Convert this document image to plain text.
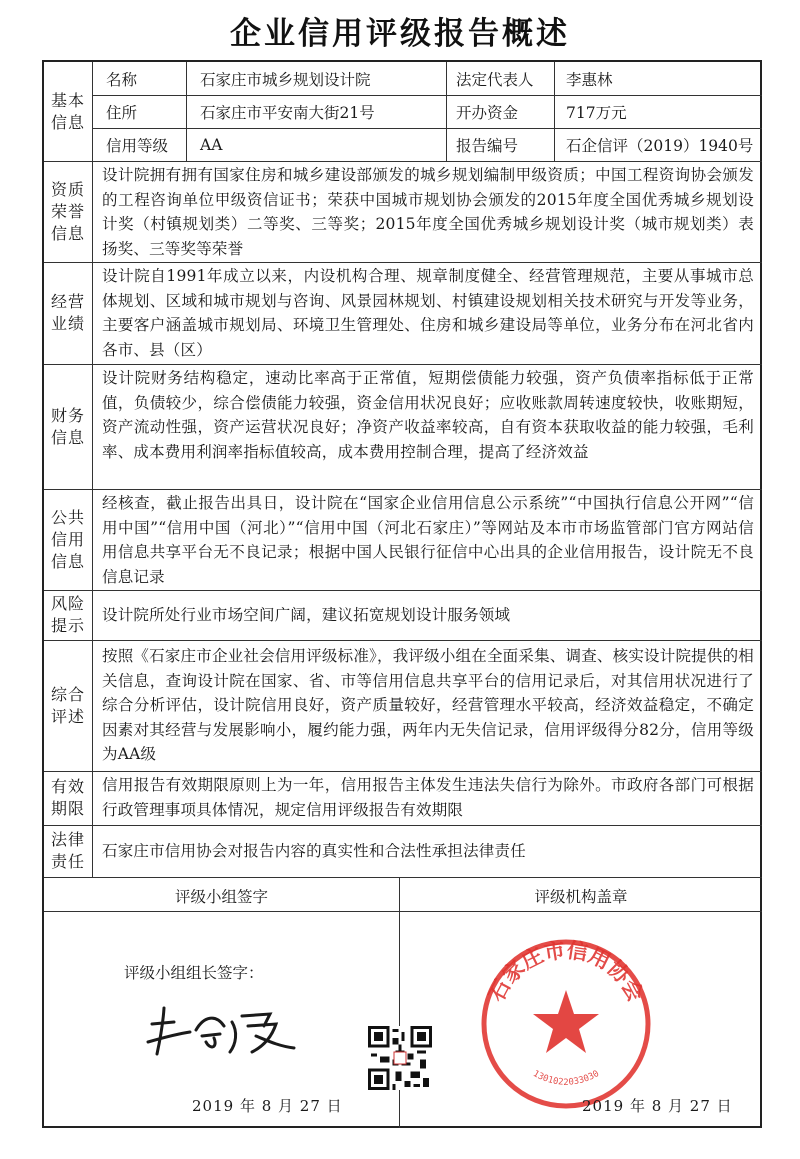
企业信用评级报告概述
基本
信息
名称	石家庄市城乡规划设计院	法定代表人 李惠林
住所	石家庄市平安南大街21号	开办资金	717万元
信用等级 AA	报告编号	石企信评（2019）1940号
资质
荣誉
信息
设计院拥有拥有国家住房和城乡建设部颁发的城乡规划编制甲级资质；中国工程资询协会颁发的工程咨询单位甲级资信证书；荣获中国城市规划协会颁发的2015年度全国优秀城乡规划设计奖（村镇规划类）二等奖、三等奖；2015年度全国优秀城乡规划设计奖（城市规划类）表扬奖、三等奖等荣誉
经营
业绩
设计院自1991年成立以来，内设机构合理、规章制度健全、经营管理规范，主要从事城市总体规划、区域和城市规划与咨询、风景园林规划、村镇建设规划相关技术研究与开发等业务，主要客户涵盖城市规划局、环境卫生管理处、住房和城乡建设局等单位，业务分布在河北省内各市、县（区）
财务
信息
设计院财务结构稳定，速动比率高于正常值，短期偿债能力较强，资产负债率指标低于正常值，负债较少，综合偿债能力较强，资金信用状况良好；应收账款周转速度较快，收账期短，资产流动性强，资产运营状况良好；净资产收益率较高，自有资本获取收益的能力较强，毛利率、成本费用利润率指标值较高，成本费用控制合理，提高了经济效益
公共
信用
信息
经核查，截止报告出具日，设计院在“国家企业信用信息公示系统”“中国执行信息公开网”“信用中国”“信用中国（河北）”“信用中国（河北石家庄）”等网站及本市市场监管部门官方网站信用信息共享平台无不良记录；根据中国人民银行征信中心出具的企业信用报告，设计院无不良信息记录
风险
提示
设计院所处行业市场空间广阔，建议拓宽规划设计服务领域
综合
评述
按照《石家庄市企业社会信用评级标准》，我评级小组在全面采集、调查、核实设计院提供的相关信息，查询设计院在国家、省、市等信用信息共享平台的信用记录后，对其信用状况进行了综合分析评估，设计院信用良好，资产质量较好，经营管理水平较高，经济效益稳定，不确定因素对其经营与发展影响小，履约能力强，两年内无失信记录，信用评级得分82分，信用等级为AA级
有效
期限
信用报告有效期限原则上为一年，信用报告主体发生违法失信行为除外。市政府各部门可根据行政管理事项具体情况，规定信用评级报告有效期限
法律
责任
石家庄市信用协会对报告内容的真实性和合法性承担法律责任
评级小组签字	评级机构盖章
评级小组组长签字：
2019 年 8 月 27 日
石家庄市信用协会
1301022033030
2019 年 8 月 27 日
